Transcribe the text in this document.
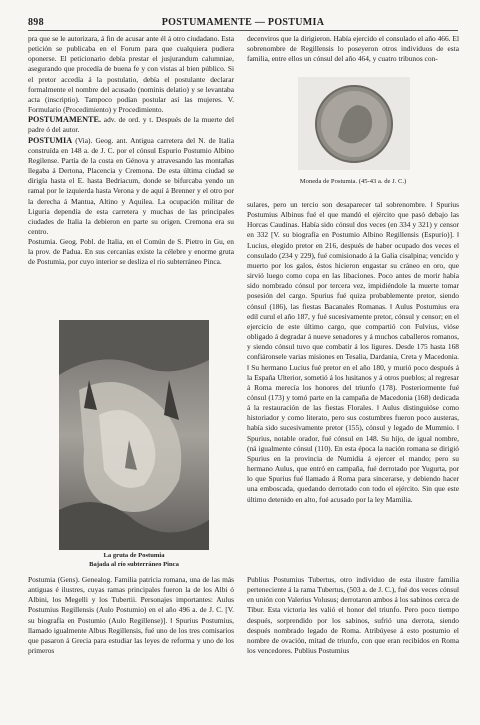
898	POSTUMAMENTE — POSTUMIA

pra que se le autorizara, á fin de acusar ante él á otro ciudadano. Esta petición se publicaba en el Forum para que cualquiera pudiera oponerse. El peticionario debía prestar el jusjurandum calumniae, asegurando que procedía de buena fe y con vistas al bien público. Si el pretor accedía á la postulatio, debía el postulante declarar formalmente el nombre del acusado (nominis delatio) y se levantaba acta (inscriptio). Tampoco podían postular así las mujeres. V. Formulario (Procedimiento) y Procedimiento.

POSTUMAMENTE. adv. de ord. y t. Después de la muerte del padre ó del autor.

POSTUMIA (Via). Geog. ant. Antigua carretera del N. de Italia construída en 148 a. de J. C. por el cónsul Espurio Postumio Albino Regilense. Partía de la costa en Génova y atravesando las montañas llegaba á Dertona, Placencia y Cremona. De esta última ciudad se dirigía hasta el E. hasta Bedriacum, donde se bifurcaba yendo un ramal por le izquierda hasta Verona y de aquí á Brenner y el otro por la derecha á Mantua, Altino y Aquilea. La ocupación militar de Liguria dependía de esta carretera y muchas de las principales ciudades de Italia la debieron en parte su origen. Cremona era su centro.

Postumia. Geog. Pobl. de Italia, en el Común de S. Pietro in Gu, en la prov. de Padua. En sus cercanías existe la célebre y enorme gruta de Postumia, por cuyo interior se desliza el río subterráneo Pinca.

La gruta de Postumia
Bajada al río subterráneo Pinca

Postumia (Gens). Genealog. Familia patricia romana, una de las más antiguas é ilustres, cuyas ramas principales fueron la de los Albi ó Albini, los Megelli y los Tubertii. Personajes importantes: Aulus Postumius Regillensis (Aulo Postumio) en el año 496 a. de J. C. [V. su biografía en Postumio (Aulo Regillense)]. ‖ Spurius Postumius, llamado igualmente Albus Regillensis, fué uno de los tres comisarios que pasaron á Grecia para estudiar las leyes de reforma y uno de los primeros

decenviros que la dirigieron. Había ejercido el consulado el año 466. El sobrenombre de Regillensis lo poseyeron otros individuos de esta familia, entre ellos un cónsul del año 464, y cuatro tribunos con-

Moneda de Postumia. (45-43 a. de J. C.)

sulares, pero un tercio son desaparecer tal sobrenombre. ‖ Spurius Postumius Albinus fué el que mandó el ejército que pasó debajo las Horcas Caudinas. Había sido cónsul dos veces (en 334 y 321) y censor en 332 [V. su biografía en Postumio Albino Regillensis (Espurio)]. ‖ Lucius, elegido pretor en 216, después de haber ocupado dos veces el consulado (234 y 229), fué comisionado á la Galia cisalpina; vencido y muerto por los galos, éstos hicieron engastar su cráneo en oro, que sirvió luego como copa en las libaciones. Poco antes de morir había sido nombrado cónsul por tercera vez, impidiéndole la muerte tomar posesión del cargo. Spurius fué quiza probablemente pretor, siendo cónsul (186), las fiestas Bacanales Romanas. ‖ Aulus Postumius era edil curul el año 187, y fué sucesivamente pretor, cónsul y censor; en el ejercicio de este último cargo, que compartió con Fulvius, vióse obligado á degradar á nueve senadores y á muchos caballeros romanos, y siendo cónsul tuvo que combatir á los ligures. Desde 175 hasta 168 confiáronsele varias misiones en Tesalia, Dardania, Creta y Macedonia. ‖ Su hermano Lucius fué pretor en el año 180, y murió poco después á la España Ulterior, sometió á los lusitanos y á otros pueblos; al regresar á Roma merecía los honores del triunfo (178). Posteriormente fué cónsul (173) y tomó parte en la campaña de Macedonia (168) dedicada á la restauración de las fiestas Florales. ‖ Aulus distinguióse como historiador y como literato, pero sus costumbres fueron poco austeras, había sido sucesivamente pretor (155), cónsul y legado de Mummio. ‖ Spurius, notable orador, fué cónsul en 148. Su hijo, de igual nombre, (ná igualmente cónsul (110). En esta época la nación romana se dirigió Spurius en la provincia de Numidia á ejercer el mando; pero su hermano Aulus, que entró en campaña, fué derrotado por Yugurta, por lo que Spurius fué llamado á Roma para sincerarse, y debiendo hacer una emboscada, quedando derrotado con todo el ejército. Sin que este último detenido en alto, fué acusado por la ley Mamilia.

Publius Postumius Tubertus, otro individuo de esta ilustre familia perteneciente á la rama Tubertus, (503 a. de J. C.), fué dos veces cónsul en unión con Valerius Volusus; derrotaron ambos á los sabinos cerca de Tibur. Esta victoria les valió el honor del triunfo. Pero poco tiempo después, sorprendido por los sabinos, sufrió una derrota, siendo después nombrado legado de Roma. Atribúyese á esto postumio el nombre de ovación, mitad de triunfo, con que eran recibidos en Roma los vencedores. Publius Postumius
